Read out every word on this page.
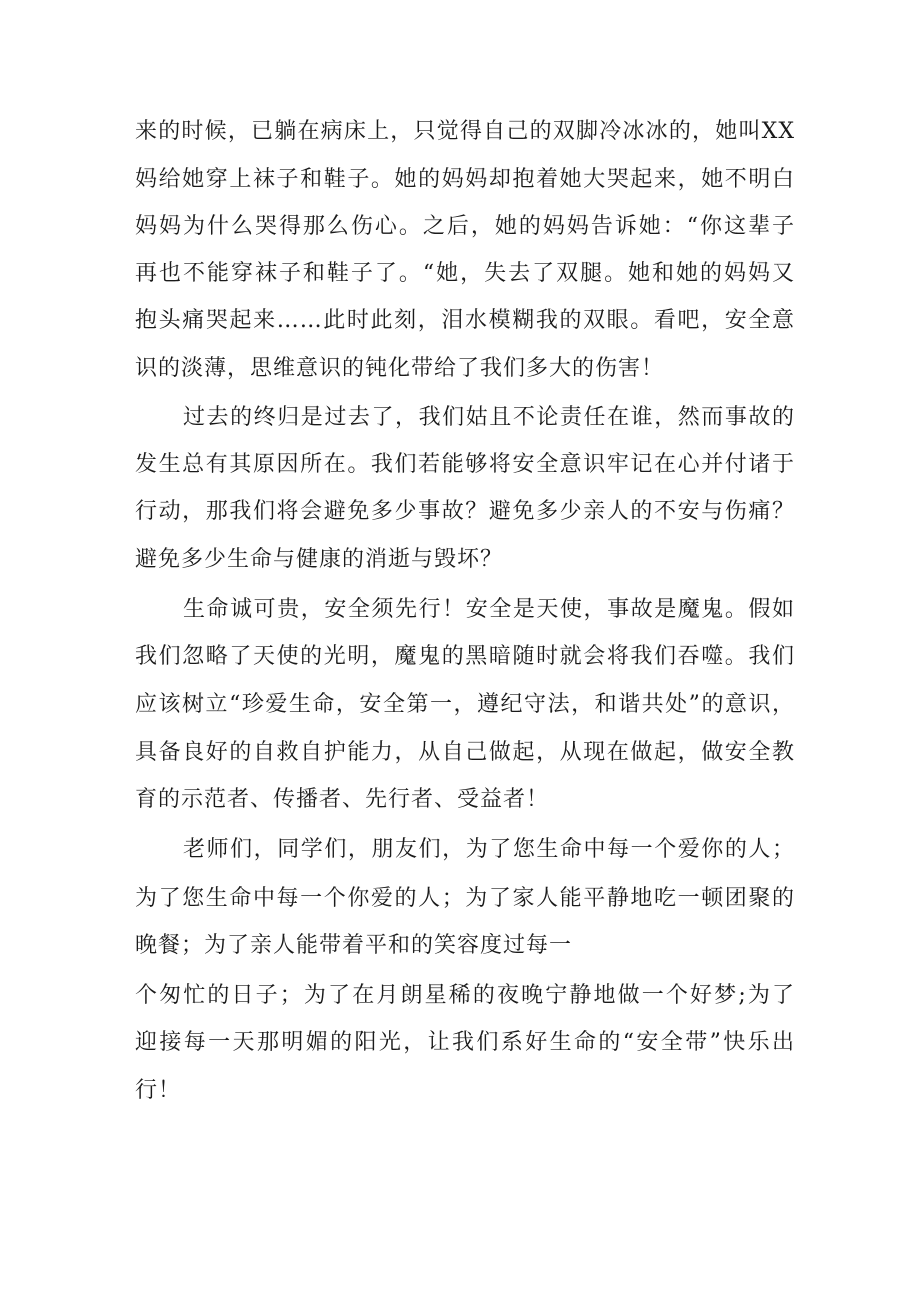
来的时候，已躺在病床上，只觉得自己的双脚冷冰冰的，她叫XX
妈给她穿上袜子和鞋子。她的妈妈却抱着她大哭起来，她不明白
妈妈为什么哭得那么伤心。之后，她的妈妈告诉她：“你这辈子
再也不能穿袜子和鞋子了。“她，失去了双腿。她和她的妈妈又
抱头痛哭起来……此时此刻，泪水模糊我的双眼。看吧，安全意
识的淡薄，思维意识的钝化带给了我们多大的伤害！
过去的终归是过去了，我们姑且不论责任在谁，然而事故的
发生总有其原因所在。我们若能够将安全意识牢记在心并付诸于
行动，那我们将会避免多少事故？避免多少亲人的不安与伤痛？
避免多少生命与健康的消逝与毁坏？
生命诚可贵，安全须先行！安全是天使，事故是魔鬼。假如
我们忽略了天使的光明，魔鬼的黑暗随时就会将我们吞噬。我们
应该树立“珍爱生命，安全第一，遵纪守法，和谐共处”的意识，
具备良好的自救自护能力，从自己做起，从现在做起，做安全教
育的示范者、传播者、先行者、受益者！
老师们，同学们，朋友们，为了您生命中每一个爱你的人；
为了您生命中每一个你爱的人；为了家人能平静地吃一顿团聚的
晚餐；为了亲人能带着平和的笑容度过每一
个匆忙的日子；为了在月朗星稀的夜晚宁静地做一个好梦;为了
迎接每一天那明媚的阳光，让我们系好生命的“安全带”快乐出
行！
